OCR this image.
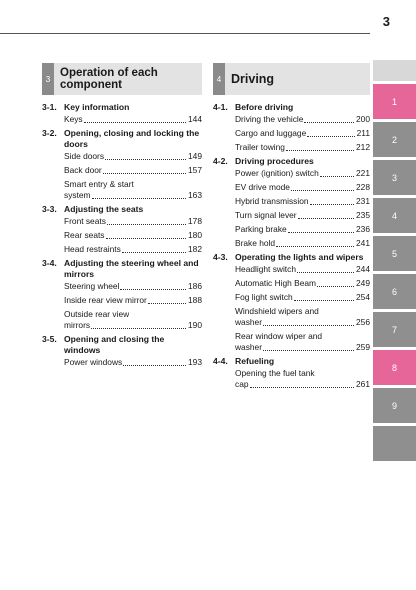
3
3 Operation of each component
3-1. Key information
Keys	144
3-2. Opening, closing and locking the doors
Side doors	149
Back door	157
Smart entry & start
system	163
3-3. Adjusting the seats
Front seats	178
Rear seats	180
Head restraints	182
3-4. Adjusting the steering wheel and mirrors
Steering wheel	186
Inside rear view mirror	188
Outside rear view
mirrors	190
3-5. Opening and closing the windows
Power windows	193
4 Driving
4-1. Before driving
Driving the vehicle	200
Cargo and luggage	211
Trailer towing	212
4-2. Driving procedures
Power (ignition) switch	221
EV drive mode	228
Hybrid transmission	231
Turn signal lever	235
Parking brake	236
Brake hold	241
4-3. Operating the lights and wipers
Headlight switch	244
Automatic High Beam	249
Fog light switch	254
Windshield wipers and
washer	256
Rear window wiper and
washer	259
4-4. Refueling
Opening the fuel tank
cap	261
1
2
3
4
5
6
7
8
9
